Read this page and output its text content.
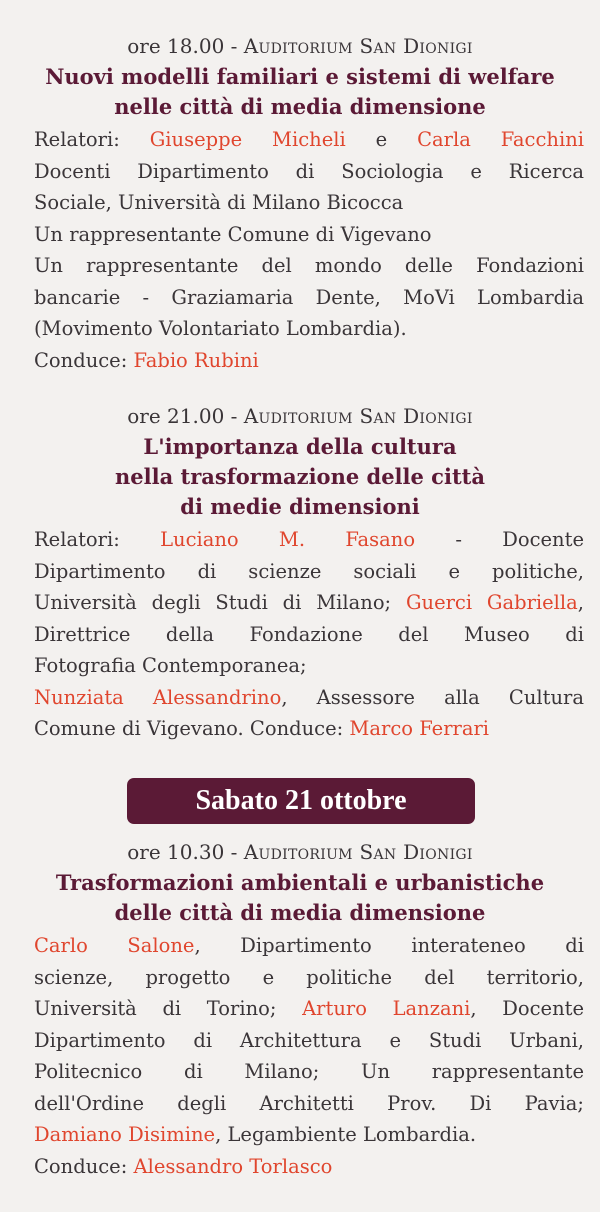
ore 18.00 - Auditorium San Dionigi
Nuovi modelli familiari e sistemi di welfare
nelle città di media dimensione
Relatori: Giuseppe Micheli e Carla Facchini
Docenti Dipartimento di Sociologia e Ricerca
Sociale, Università di Milano Bicocca
Un rappresentante Comune di Vigevano
Un rappresentante del mondo delle Fondazioni
bancarie - Graziamaria Dente, MoVi Lombardia
(Movimento Volontariato Lombardia).
Conduce: Fabio Rubini
ore 21.00 - Auditorium San Dionigi
L'importanza della cultura
nella trasformazione delle città
di medie dimensioni
Relatori: Luciano M. Fasano - Docente
Dipartimento di scienze sociali e politiche,
Università degli Studi di Milano; Guerci Gabriella,
Direttrice della Fondazione del Museo di
Fotografia Contemporanea;
Nunziata Alessandrino, Assessore alla Cultura
Comune di Vigevano. Conduce: Marco Ferrari
Sabato 21 ottobre
ore 10.30 - Auditorium San Dionigi
Trasformazioni ambientali e urbanistiche
delle città di media dimensione
Carlo Salone, Dipartimento interateneo di
scienze, progetto e politiche del territorio,
Università di Torino; Arturo Lanzani, Docente
Dipartimento di Architettura e Studi Urbani,
Politecnico di Milano; Un rappresentante
dell'Ordine degli Architetti Prov. Di Pavia;
Damiano Disimine, Legambiente Lombardia.
Conduce: Alessandro Torlasco
